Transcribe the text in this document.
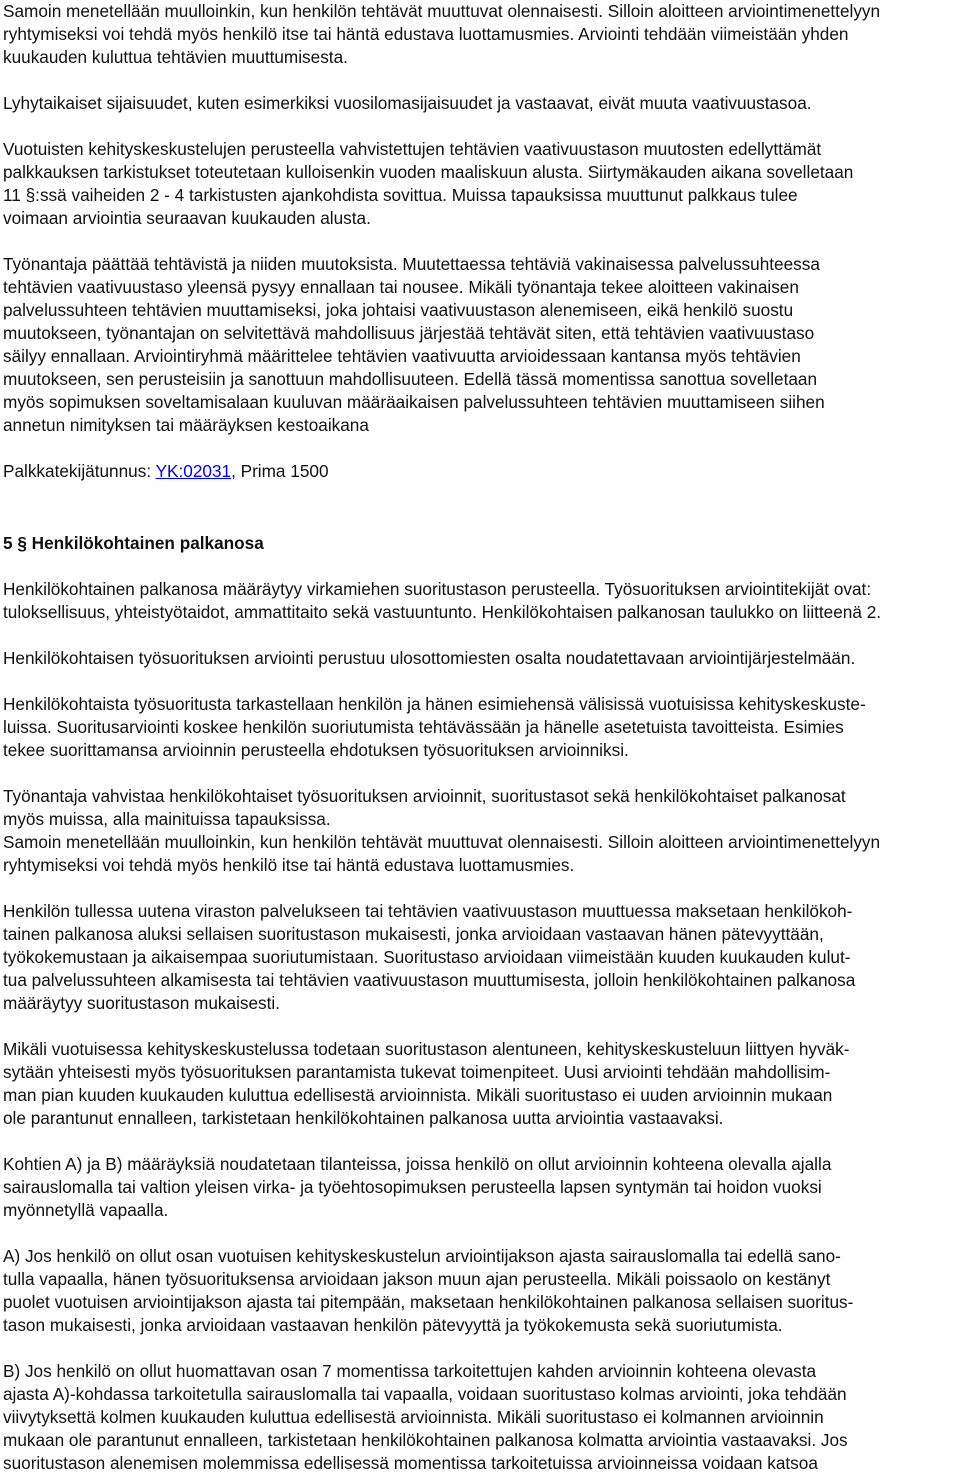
Samoin menetellään muulloinkin, kun henkilön tehtävät muuttuvat olennaisesti. Silloin aloitteen arviointimenettelyyn
ryhtymiseksi voi tehdä myös henkilö itse tai häntä edustava luottamusmies. Arviointi tehdään viimeistään yhden
kuukauden kuluttua tehtävien muuttumisesta.

Lyhytaikaiset sijaisuudet, kuten esimerkiksi vuosilomasijaisuudet ja vastaavat, eivät muuta vaativuustasoa.

Vuotuisten kehityskeskustelujen perusteella vahvistettujen tehtävien vaativuustason muutosten edellyttämät
palkkauksen tarkistukset toteutetaan kulloisenkin vuoden maaliskuun alusta. Siirtymäkauden aikana sovelletaan
11 §:ssä vaiheiden 2 - 4 tarkistusten ajankohdista sovittua. Muissa tapauksissa muuttunut palkkaus tulee
voimaan arviointia seuraavan kuukauden alusta.

Työnantaja päättää tehtävistä ja niiden muutoksista. Muutettaessa tehtäviä vakinaisessa palvelussuhteessa
tehtävien vaativuustaso yleensä pysyy ennallaan tai nousee. Mikäli työnantaja tekee aloitteen vakinaisen
palvelussuhteen tehtävien muuttamiseksi, joka johtaisi vaativuustason alenemiseen, eikä henkilö suostu
muutokseen, työnantajan on selvitettävä mahdollisuus järjestää tehtävät siten, että tehtävien vaativuustaso
säilyy ennallaan. Arviointiryhmä määrittelee tehtävien vaativuutta arvioidessaan kantansa myös tehtävien
muutokseen, sen perusteisiin ja sanottuun mahdollisuuteen. Edellä tässä momentissa sanottua sovelletaan
myös sopimuksen soveltamisalaan kuuluvan määräaikaisen palvelussuhteen tehtävien muuttamiseen siihen
annetun nimityksen tai määräyksen kestoaikana

Palkkatekijätunnus: YK:02031, Prima 1500

5 § Henkilökohtainen palkanosa

Henkilökohtainen palkanosa määräytyy virkamiehen suoritustason perusteella. Työsuorituksen arviointitekijät ovat:
tuloksellisuus, yhteistyötaidot, ammattitaito sekä vastuuntunto. Henkilökohtaisen palkanosan taulukko on liitteenä 2.

Henkilökohtaisen työsuorituksen arviointi perustuu ulosottomiesten osalta noudatettavaan arviointijärjestelmään.

Henkilökohtaista työsuoritusta tarkastellaan henkilön ja hänen esimiehensä välisissä vuotuisissa kehityskeskuste-
luissa. Suoritusarviointi koskee henkilön suoriutumista tehtävässään ja hänelle asetetuista tavoitteista. Esimies
tekee suorittamansa arvioinnin perusteella ehdotuksen työsuorituksen arvioinniksi.

Työnantaja vahvistaa henkilökohtaiset työsuorituksen arvioinnit, suoritustasot sekä henkilökohtaiset palkanosat
myös muissa, alla mainituissa tapauksissa.
Samoin menetellään muulloinkin, kun henkilön tehtävät muuttuvat olennaisesti. Silloin aloitteen arviointimenettelyyn
ryhtymiseksi voi tehdä myös henkilö itse tai häntä edustava luottamusmies.

Henkilön tullessa uutena viraston palvelukseen tai tehtävien vaativuustason muuttuessa maksetaan henkilökoh-
tainen palkanosa aluksi sellaisen suoritustason mukaisesti, jonka arvioidaan vastaavan hänen pätevyyttään,
työkokemustaan ja aikaisempaa suoriutumistaan. Suoritustaso arvioidaan viimeistään kuuden kuukauden kulut-
tua palvelussuhteen alkamisesta tai tehtävien vaativuustason muuttumisesta, jolloin henkilökohtainen palkanosa
määräytyy suoritustason mukaisesti.

Mikäli vuotuisessa kehityskeskustelussa todetaan suoritustason alentuneen, kehityskeskusteluun liittyen hyväk-
sytään yhteisesti myös työsuorituksen parantamista tukevat toimenpiteet. Uusi arviointi tehdään mahdollisim-
man pian kuuden kuukauden kuluttua edellisestä arvioinnista. Mikäli suoritustaso ei uuden arvioinnin mukaan
ole parantunut ennalleen, tarkistetaan henkilökohtainen palkanosa uutta arviointia vastaavaksi.

Kohtien A) ja B) määräyksiä noudatetaan tilanteissa, joissa henkilö on ollut arvioinnin kohteena olevalla ajalla
sairauslomalla tai valtion yleisen virka- ja työehtosopimuksen perusteella lapsen syntymän tai hoidon vuoksi
myönnetyllä vapaalla.

A) Jos henkilö on ollut osan vuotuisen kehityskeskustelun arviointijakson ajasta sairauslomalla tai edellä sano-
tulla vapaalla, hänen työsuorituksensa arvioidaan jakson muun ajan perusteella. Mikäli poissaolo on kestänyt
puolet vuotuisen arviointijakson ajasta tai pitempään, maksetaan henkilökohtainen palkanosa sellaisen suoritus-
tason mukaisesti, jonka arvioidaan vastaavan henkilön pätevyyttä ja työkokemusta sekä suoriutumista.

B) Jos henkilö on ollut huomattavan osan 7 momentissa tarkoitettujen kahden arvioinnin kohteena olevasta
ajasta A)-kohdassa tarkoitetulla sairauslomalla tai vapaalla, voidaan suoritustaso kolmas arviointi, joka tehdään
viivytyksettä kolmen kuukauden kuluttua edellisestä arvioinnista. Mikäli suoritustaso ei kolmannen arvioinnin
mukaan ole parantunut ennalleen, tarkistetaan henkilökohtainen palkanosa kolmatta arviointia vastaavaksi. Jos
suoritustason alenemisen molemmissa edellisessä momentissa tarkoitetuissa arvioinneissa voidaan katsoa
